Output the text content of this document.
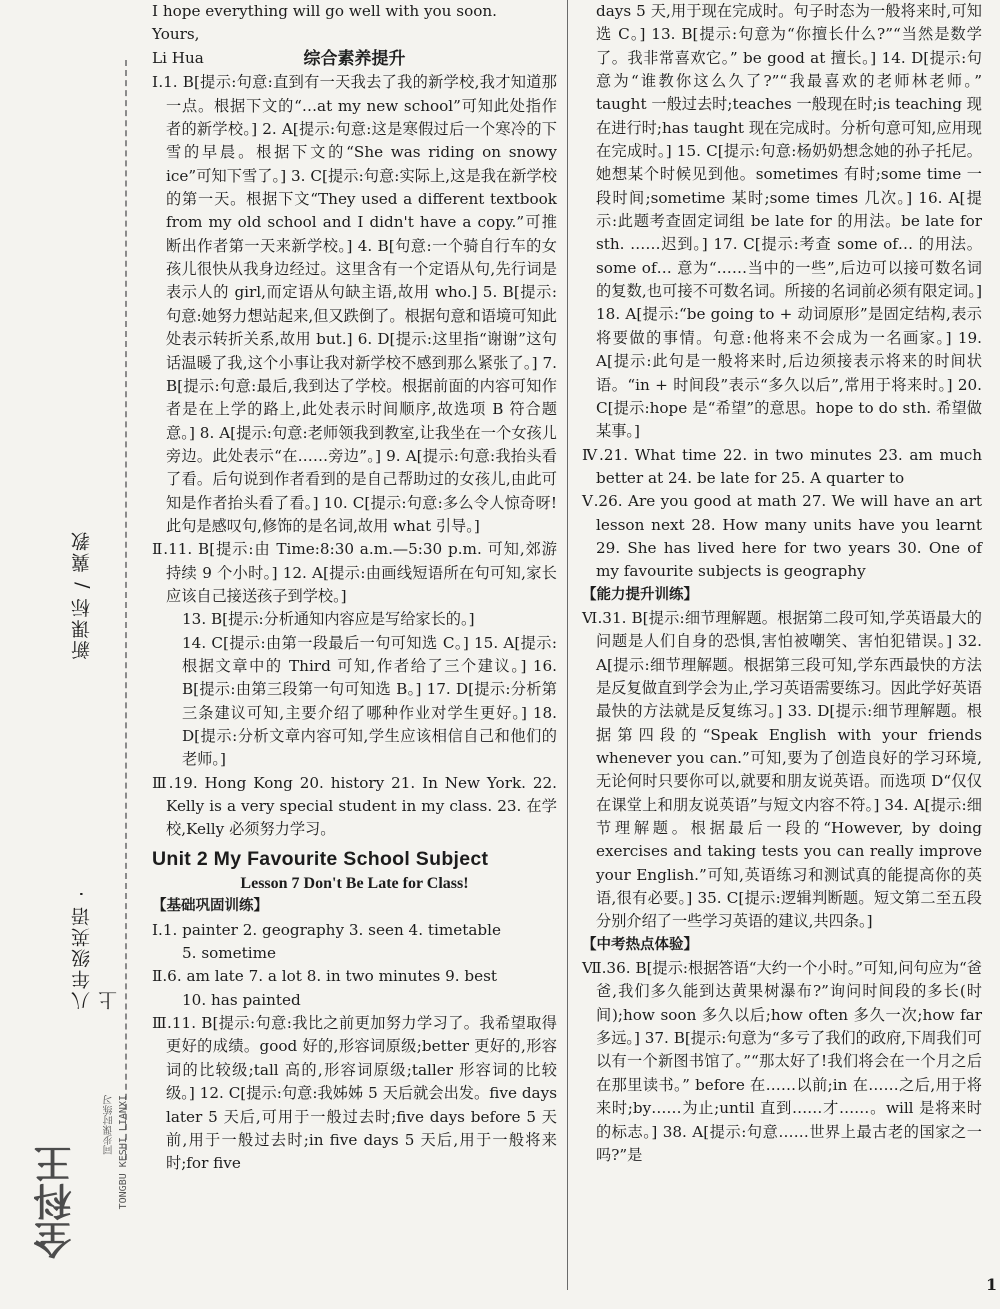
八年级英语 · 上
新课标 / 冀教
全科王
同步课时练习 TONGBU KESHI LIANXI

I hope everything will go well with you soon.

Yours,

Li Hua	综合素养提升

Ⅰ.1. B[提示:句意:直到有一天我去了我的新学校,我才知道那一点。根据下文的“…at my new school”可知此处指作者的新学校。] 2. A[提示:句意:这是寒假过后一个寒冷的下雪的早晨。根据下文的“She was riding on snowy ice”可知下雪了。] 3. C[提示:句意:实际上,这是我在新学校的第一天。根据下文“They used a different textbook from my old school and I didn't have a copy.”可推断出作者第一天来新学校。] 4. B[句意:一个骑自行车的女孩儿很快从我身边经过。这里含有一个定语从句,先行词是表示人的 girl,而定语从句缺主语,故用 who.] 5. B[提示:句意:她努力想站起来,但又跌倒了。根据句意和语境可知此处表示转折关系,故用 but.] 6. D[提示:这里指“谢谢”这句话温暖了我,这个小事让我对新学校不感到那么紧张了。] 7. B[提示:句意:最后,我到达了学校。根据前面的内容可知作者是在上学的路上,此处表示时间顺序,故选项 B 符合题意。] 8. A[提示:句意:老师领我到教室,让我坐在一个女孩儿旁边。此处表示“在……旁边”。] 9. A[提示:句意:我抬头看了看。后句说到作者看到的是自己帮助过的女孩儿,由此可知是作者抬头看了看。] 10. C[提示:句意:多么令人惊奇呀!此句是感叹句,修饰的是名词,故用 what 引导。]

Ⅱ.11. B[提示:由 Time:8:30 a.m.—5:30 p.m. 可知,郊游持续 9 个小时。] 12. A[提示:由画线短语所在句可知,家长应该自己接送孩子到学校。]

13. B[提示:分析通知内容应是写给家长的。]

14. C[提示:由第一段最后一句可知选 C。] 15. A[提示:根据文章中的 Third 可知,作者给了三个建议。] 16. B[提示:由第三段第一句可知选 B。] 17. D[提示:分析第三条建议可知,主要介绍了哪种作业对学生更好。] 18. D[提示:分析文章内容可知,学生应该相信自己和他们的老师。]

Ⅲ.19. Hong Kong 20. history 21. In New York. 22. Kelly is a very special student in my class. 23. 在学校,Kelly 必须努力学习。

Unit 2 My Favourite School Subject

Lesson 7 Don't Be Late for Class!

【基础巩固训练】

Ⅰ.1. painter 2. geography 3. seen 4. timetable

5. sometime

Ⅱ.6. am late 7. a lot 8. in two minutes 9. best

10. has painted

Ⅲ.11. B[提示:句意:我比之前更加努力学习了。我希望取得更好的成绩。good 好的,形容词原级;better 更好的,形容词的比较级;tall 高的,形容词原级;taller 形容词的比较级。] 12. C[提示:句意:我姊姊 5 天后就会出发。five days later 5 天后,可用于一般过去时;five days before 5 天前,用于一般过去时;in five days 5 天后,用于一般将来时;for five

days 5 天,用于现在完成时。句子时态为一般将来时,可知选 C。] 13. B[提示:句意为“你擅长什么?”“当然是数学了。我非常喜欢它。” be good at 擅长。] 14. D[提示:句意为“谁教你这么久了?”“我最喜欢的老师林老师。” taught 一般过去时;teaches 一般现在时;is teaching 现在进行时;has taught 现在完成时。分析句意可知,应用现在完成时。] 15. C[提示:句意:杨奶奶想念她的孙子托尼。她想某个时候见到他。sometimes 有时;some time 一段时间;sometime 某时;some times 几次。] 16. A[提示:此题考查固定词组 be late for 的用法。be late for sth. ……迟到。] 17. C[提示:考查 some of… 的用法。some of… 意为“……当中的一些”,后边可以接可数名词的复数,也可接不可数名词。所接的名词前必须有限定词。] 18. A[提示:“be going to + 动词原形”是固定结构,表示将要做的事情。句意:他将来不会成为一名画家。] 19. A[提示:此句是一般将来时,后边须接表示将来的时间状语。“in + 时间段”表示“多久以后”,常用于将来时。] 20. C[提示:hope 是“希望”的意思。hope to do sth. 希望做某事。]

Ⅳ.21. What time 22. in two minutes 23. am much better at 24. be late for 25. A quarter to

Ⅴ.26. Are you good at math 27. We will have an art lesson next 28. How many units have you learnt 29. She has lived here for two years 30. One of my favourite subjects is geography

【能力提升训练】

Ⅵ.31. B[提示:细节理解题。根据第二段可知,学英语最大的问题是人们自身的恐惧,害怕被嘲笑、害怕犯错误。] 32. A[提示:细节理解题。根据第三段可知,学东西最快的方法是反复做直到学会为止,学习英语需要练习。因此学好英语最快的方法就是反复练习。] 33. D[提示:细节理解题。根据第四段的“Speak English with your friends whenever you can.”可知,要为了创造良好的学习环境,无论何时只要你可以,就要和朋友说英语。而选项 D“仅仅在课堂上和朋友说英语”与短文内容不符。] 34. A[提示:细节理解题。根据最后一段的“However, by doing exercises and taking tests you can really improve your English.”可知,英语练习和测试真的能提高你的英语,很有必要。] 35. C[提示:逻辑判断题。短文第二至五段分别介绍了一些学习英语的建议,共四条。]

【中考热点体验】

Ⅶ.36. B[提示:根据答语“大约一个小时。”可知,问句应为“爸爸,我们多久能到达黄果树瀑布?”询问时间段的多长(时间);how soon 多久以后;how often 多久一次;how far 多远。] 37. B[提示:句意为“多亏了我们的政府,下周我们可以有一个新图书馆了。”“那太好了!我们将会在一个月之后在那里读书。” before 在……以前;in 在……之后,用于将来时;by……为止;until 直到……才……。will 是将来时的标志。] 38. A[提示:句意……世界上最古老的国家之一吗?”是

1
